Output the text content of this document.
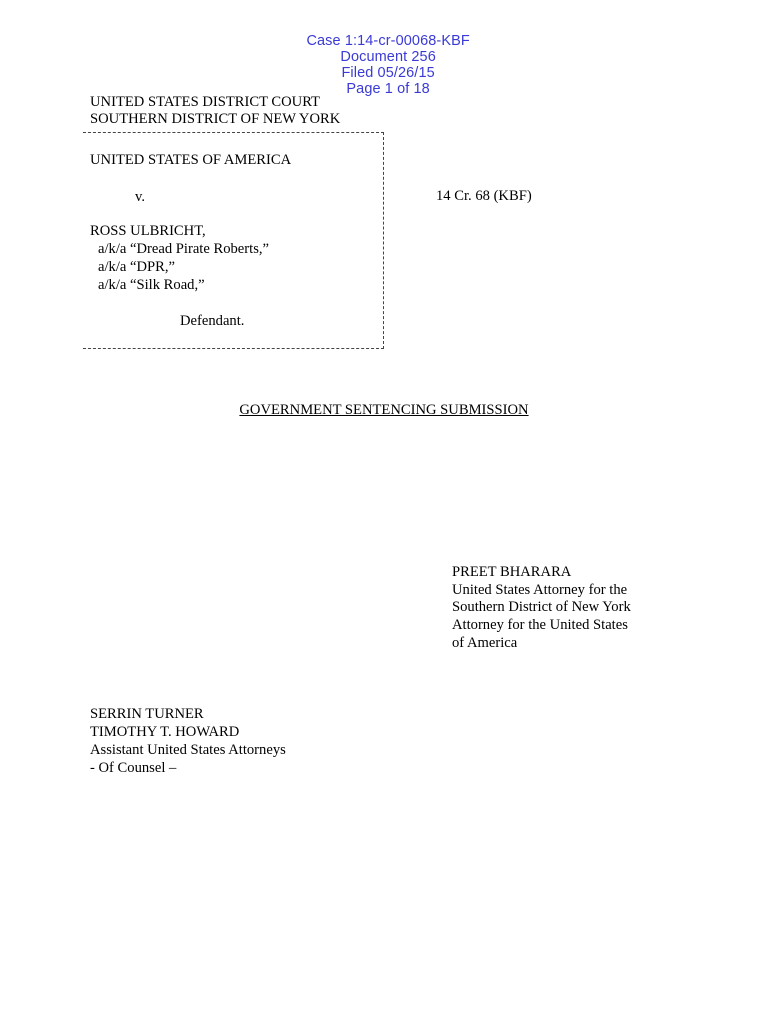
Case 1:14-cr-00068-KBF
Document 256
Filed 05/26/15
Page 1 of 18

UNITED STATES DISTRICT COURT
SOUTHERN DISTRICT OF NEW YORK
UNITED STATES OF AMERICA
v.
ROSS ULBRICHT,
a/k/a “Dread Pirate Roberts,”
a/k/a “DPR,”
a/k/a “Silk Road,”
Defendant.
14 Cr. 68 (KBF)
GOVERNMENT SENTENCING SUBMISSION
PREET BHARARA
United States Attorney for the
Southern District of New York
Attorney for the United States
of America
SERRIN TURNER
TIMOTHY T. HOWARD
Assistant United States Attorneys
- Of Counsel –
